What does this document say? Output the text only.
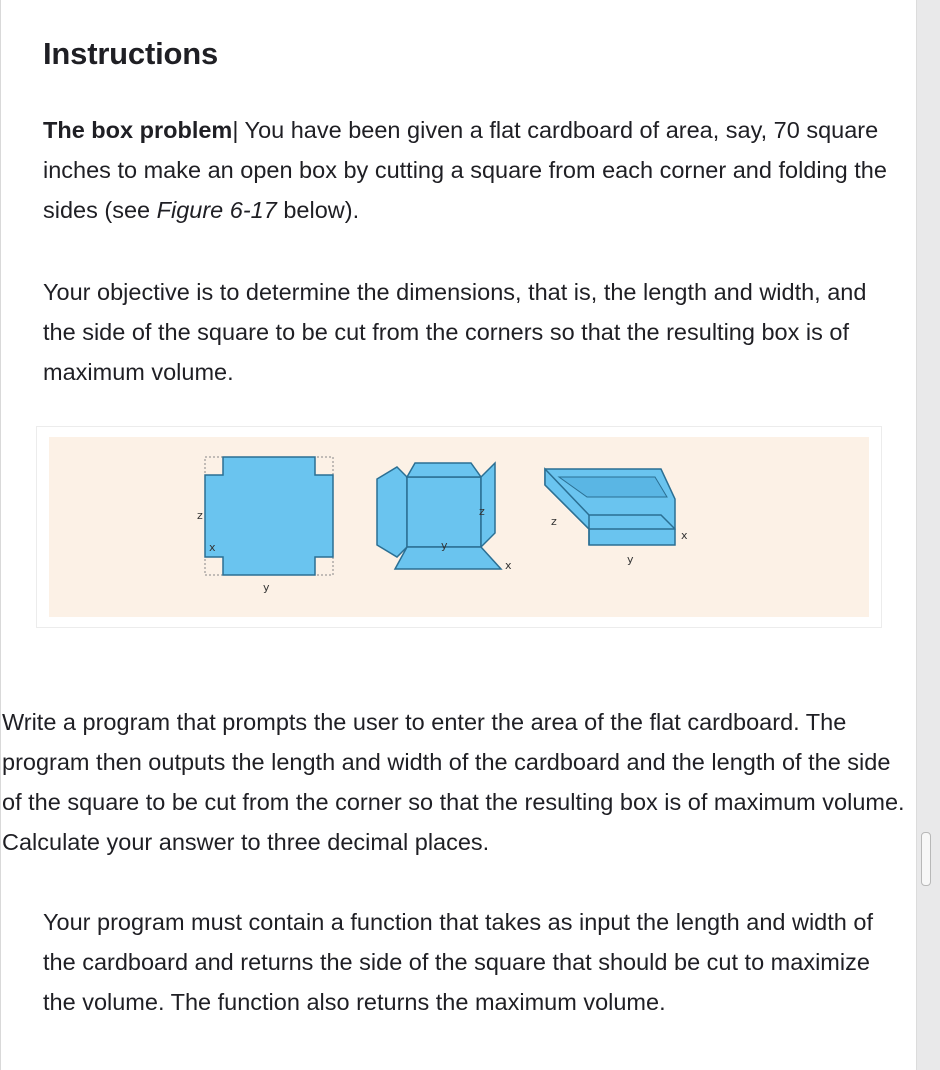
Instructions

The box problem| You have been given a flat cardboard of area, say, 70 square inches to make an open box by cutting a square from each corner and folding the sides (see Figure 6-17 below).

Your objective is to determine the dimensions, that is, the length and width, and the side of the square to be cut from the corners so that the resulting box is of maximum volume.

z
x
y
z
y
x
z
x
y

Write a program that prompts the user to enter the area of the flat cardboard. The program then outputs the length and width of the cardboard and the length of the side of the square to be cut from the corner so that the resulting box is of maximum volume. Calculate your answer to three decimal places.

Your program must contain a function that takes as input the length and width of the cardboard and returns the side of the square that should be cut to maximize the volume. The function also returns the maximum volume.
